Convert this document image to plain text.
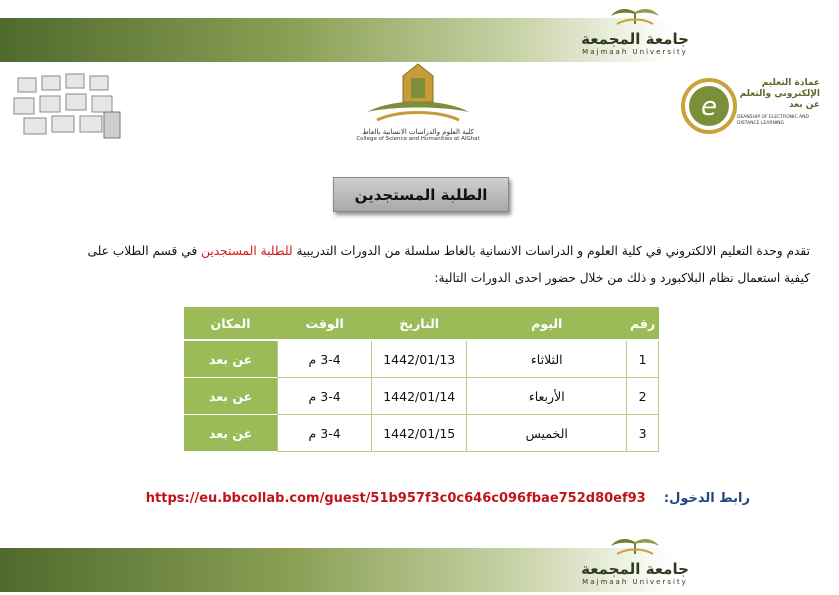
جامعة المجمعة
Majmaah University
كلية العلوم والدراسات الانسانية بالغاط
College of Science and Humanities at AlGhat
e
عمادة التعليم الإلكتروني والتعلم عن بعد
DEANSHIP OF ELECTRONIC AND DISTANCE LEARNING
الطلبة المستجدين
تقدم وحدة التعليم الالكتروني في كلية العلوم و الدراسات الانسانية بالغاط سلسلة من الدورات التدريبية للطلبة المستجدين في قسم الطلاب على كيفية استعمال نظام البلاكبورد و ذلك من خلال حضور احدى الدورات التالية:
رقم	اليوم	التاريخ	الوقت	المكان
1	الثلاثاء	1442/01/13	3-4 م	عن بعد
2	الأربعاء	1442/01/14	3-4 م	عن بعد
3	الخميس	1442/01/15	3-4 م	عن بعد
رابط الدخول: https://eu.bbcollab.com/guest/51b957f3c0c646c096fbae752d80ef93
جامعة المجمعة
Majmaah University
